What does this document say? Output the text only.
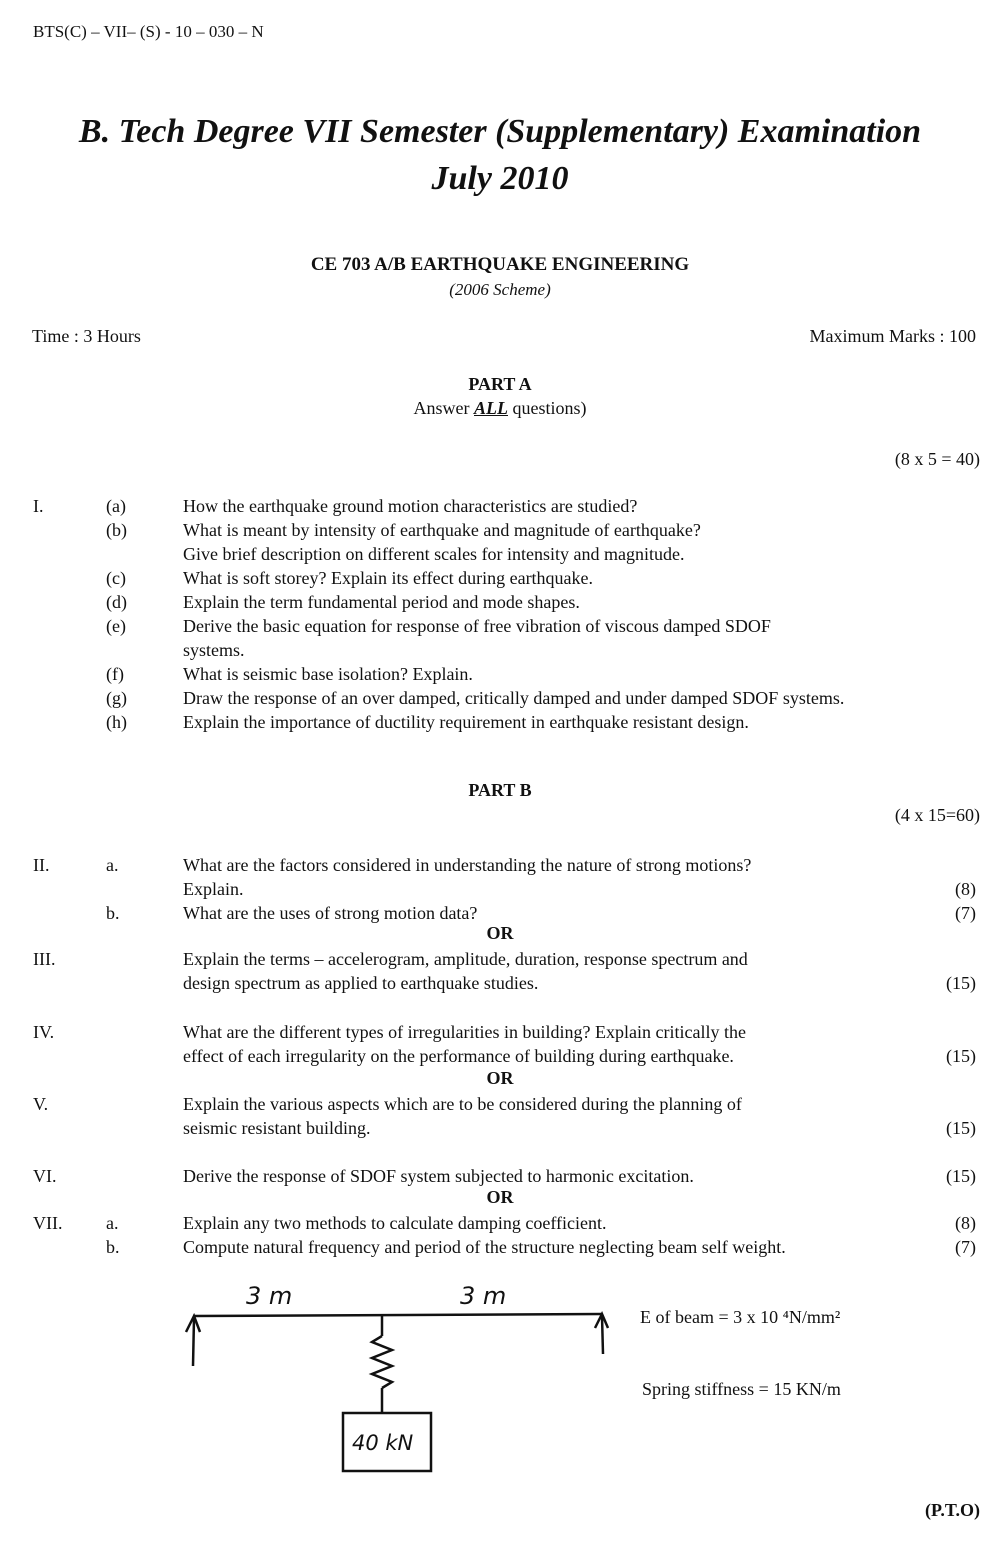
BTS(C) – VII– (S) - 10 – 030 – N
B. Tech Degree VII Semester (Supplementary) Examination
July 2010
CE 703 A/B EARTHQUAKE ENGINEERING
(2006 Scheme)
Time : 3 Hours	Maximum Marks : 100
PART A
Answer ALL questions)
(8 x 5 = 40)
I.	(a)	How the earthquake ground motion characteristics are studied?
(b)	What is meant by intensity of earthquake and magnitude of earthquake?
Give brief description on different scales for intensity and magnitude.
(c)	What is soft storey? Explain its effect during earthquake.
(d)	Explain the term fundamental period and mode shapes.
(e)	Derive the basic equation for response of free vibration of viscous damped SDOF
systems.
(f)	What is seismic base isolation? Explain.
(g)	Draw the response of an over damped, critically damped and under damped SDOF systems.
(h)	Explain the importance of ductility requirement in earthquake resistant design.
PART B
(4 x 15=60)
II.	a.	What are the factors considered in understanding the nature of strong motions?
Explain.	(8)
b.	What are the uses of strong motion data?	(7)
OR
III.	Explain the terms – accelerogram, amplitude, duration, response spectrum and
design spectrum as applied to earthquake studies.	(15)
IV.	What are the different types of irregularities in building? Explain critically the
effect of each irregularity on the performance of building during earthquake.	(15)
OR
V.	Explain the various aspects which are to be considered during the planning of
seismic resistant building.	(15)
VI.	Derive the response of SDOF system subjected to harmonic excitation.	(15)
OR
VII. a.	Explain any two methods to calculate damping coefficient.	(8)
b.	Compute natural frequency and period of the structure neglecting beam self weight.	(7)
3 m	3 m
40 kN
E of beam = 3 x 10 ⁴N/mm²
Spring stiffness = 15 KN/m
(P.T.O)
